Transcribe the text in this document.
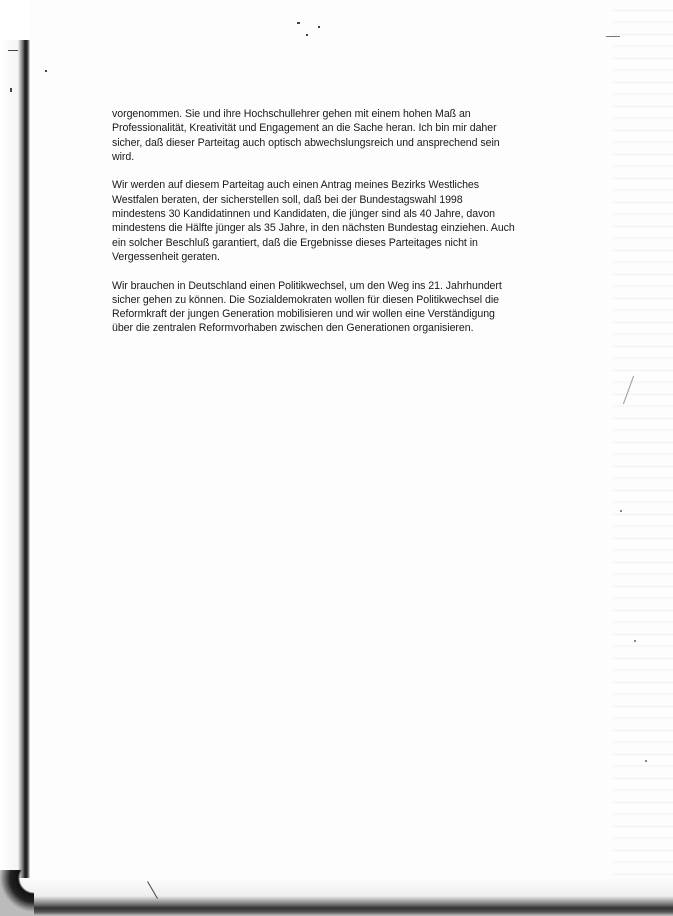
vorgenommen. Sie und ihre Hochschullehrer gehen mit einem hohen Maß an
Professionalität, Kreativität und Engagement an die Sache heran. Ich bin mir daher
sicher, daß dieser Parteitag auch optisch abwechslungsreich und ansprechend sein
wird.

Wir werden auf diesem Parteitag auch einen Antrag meines Bezirks Westliches
Westfalen beraten, der sicherstellen soll, daß bei der Bundestagswahl 1998
mindestens 30 Kandidatinnen und Kandidaten, die jünger sind als 40 Jahre, davon
mindestens die Hälfte jünger als 35 Jahre, in den nächsten Bundestag einziehen. Auch
ein solcher Beschluß garantiert, daß die Ergebnisse dieses Parteitages nicht in
Vergessenheit geraten.

Wir brauchen in Deutschland einen Politikwechsel, um den Weg ins 21. Jahrhundert
sicher gehen zu können. Die Sozialdemokraten wollen für diesen Politikwechsel die
Reformkraft der jungen Generation mobilisieren und wir wollen eine Verständigung
über die zentralen Reformvorhaben zwischen den Generationen organisieren.
